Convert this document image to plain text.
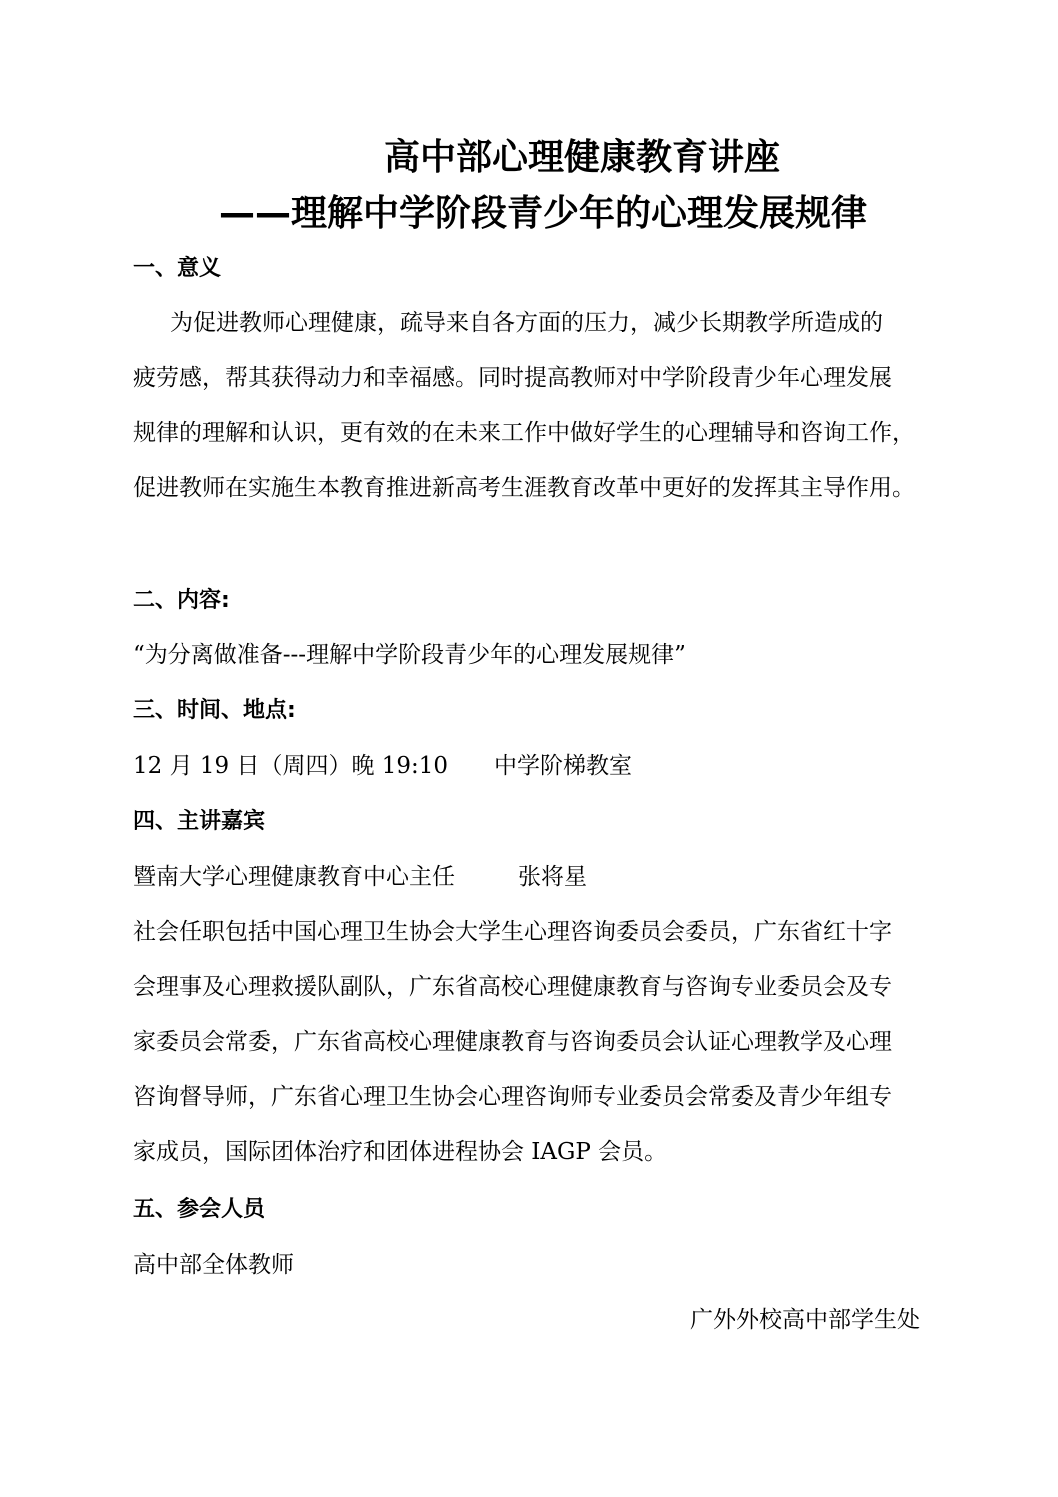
高中部心理健康教育讲座
——理解中学阶段青少年的心理发展规律
一、意义
为促进教师心理健康，疏导来自各方面的压力，减少长期教学所造成的
疲劳感，帮其获得动力和幸福感。同时提高教师对中学阶段青少年心理发展
规律的理解和认识，更有效的在未来工作中做好学生的心理辅导和咨询工作，
促进教师在实施生本教育推进新高考生涯教育改革中更好的发挥其主导作用。
二、内容:

“为分离做准备---理解中学阶段青少年的心理发展规律”

三、时间、地点:

12 月 19 日（周四）晚 19:10 中学阶梯教室

四、主讲嘉宾

暨南大学心理健康教育中心主任	张将星

社会任职包括中国心理卫生协会大学生心理咨询委员会委员，广东省红十字
会理事及心理救援队副队，广东省高校心理健康教育与咨询专业委员会及专
家委员会常委，广东省高校心理健康教育与咨询委员会认证心理教学及心理
咨询督导师，广东省心理卫生协会心理咨询师专业委员会常委及青少年组专
家成员，国际团体治疗和团体进程协会 IAGP 会员。
五、参会人员

高中部全体教师

广外外校高中部学生处
